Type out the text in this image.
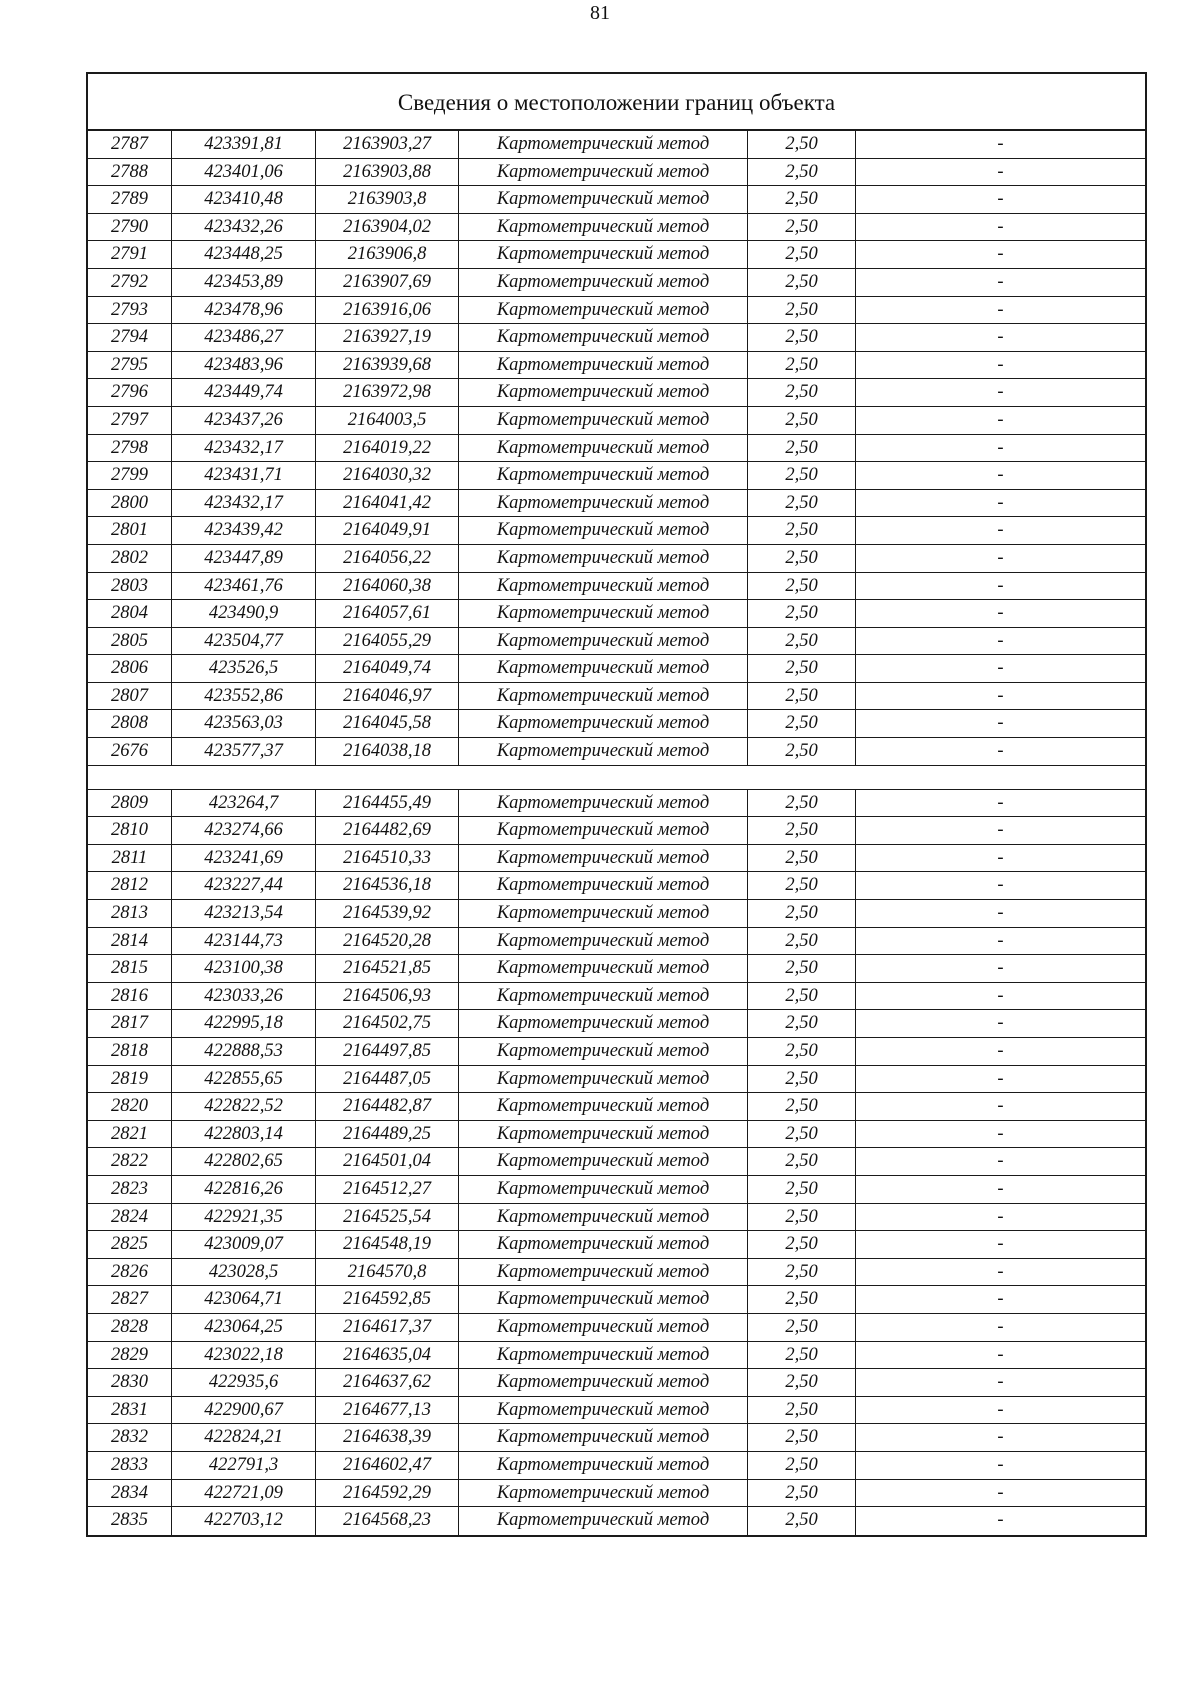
81
Сведения о местоположении границ объекта
2787	423391,81	2163903,27	Картометрический метод	2,50	-
2788	423401,06	2163903,88	Картометрический метод	2,50	-
2789	423410,48	2163903,8	Картометрический метод	2,50	-
2790	423432,26	2163904,02	Картометрический метод	2,50	-
2791	423448,25	2163906,8	Картометрический метод	2,50	-
2792	423453,89	2163907,69	Картометрический метод	2,50	-
2793	423478,96	2163916,06	Картометрический метод	2,50	-
2794	423486,27	2163927,19	Картометрический метод	2,50	-
2795	423483,96	2163939,68	Картометрический метод	2,50	-
2796	423449,74	2163972,98	Картометрический метод	2,50	-
2797	423437,26	2164003,5	Картометрический метод	2,50	-
2798	423432,17	2164019,22	Картометрический метод	2,50	-
2799	423431,71	2164030,32	Картометрический метод	2,50	-
2800	423432,17	2164041,42	Картометрический метод	2,50	-
2801	423439,42	2164049,91	Картометрический метод	2,50	-
2802	423447,89	2164056,22	Картометрический метод	2,50	-
2803	423461,76	2164060,38	Картометрический метод	2,50	-
2804	423490,9	2164057,61	Картометрический метод	2,50	-
2805	423504,77	2164055,29	Картометрический метод	2,50	-
2806	423526,5	2164049,74	Картометрический метод	2,50	-
2807	423552,86	2164046,97	Картометрический метод	2,50	-
2808	423563,03	2164045,58	Картометрический метод	2,50	-
2676	423577,37	2164038,18	Картометрический метод	2,50	-
2809	423264,7	2164455,49	Картометрический метод	2,50	-
2810	423274,66	2164482,69	Картометрический метод	2,50	-
2811	423241,69	2164510,33	Картометрический метод	2,50	-
2812	423227,44	2164536,18	Картометрический метод	2,50	-
2813	423213,54	2164539,92	Картометрический метод	2,50	-
2814	423144,73	2164520,28	Картометрический метод	2,50	-
2815	423100,38	2164521,85	Картометрический метод	2,50	-
2816	423033,26	2164506,93	Картометрический метод	2,50	-
2817	422995,18	2164502,75	Картометрический метод	2,50	-
2818	422888,53	2164497,85	Картометрический метод	2,50	-
2819	422855,65	2164487,05	Картометрический метод	2,50	-
2820	422822,52	2164482,87	Картометрический метод	2,50	-
2821	422803,14	2164489,25	Картометрический метод	2,50	-
2822	422802,65	2164501,04	Картометрический метод	2,50	-
2823	422816,26	2164512,27	Картометрический метод	2,50	-
2824	422921,35	2164525,54	Картометрический метод	2,50	-
2825	423009,07	2164548,19	Картометрический метод	2,50	-
2826	423028,5	2164570,8	Картометрический метод	2,50	-
2827	423064,71	2164592,85	Картометрический метод	2,50	-
2828	423064,25	2164617,37	Картометрический метод	2,50	-
2829	423022,18	2164635,04	Картометрический метод	2,50	-
2830	422935,6	2164637,62	Картометрический метод	2,50	-
2831	422900,67	2164677,13	Картометрический метод	2,50	-
2832	422824,21	2164638,39	Картометрический метод	2,50	-
2833	422791,3	2164602,47	Картометрический метод	2,50	-
2834	422721,09	2164592,29	Картометрический метод	2,50	-
2835	422703,12	2164568,23	Картометрический метод	2,50	-
